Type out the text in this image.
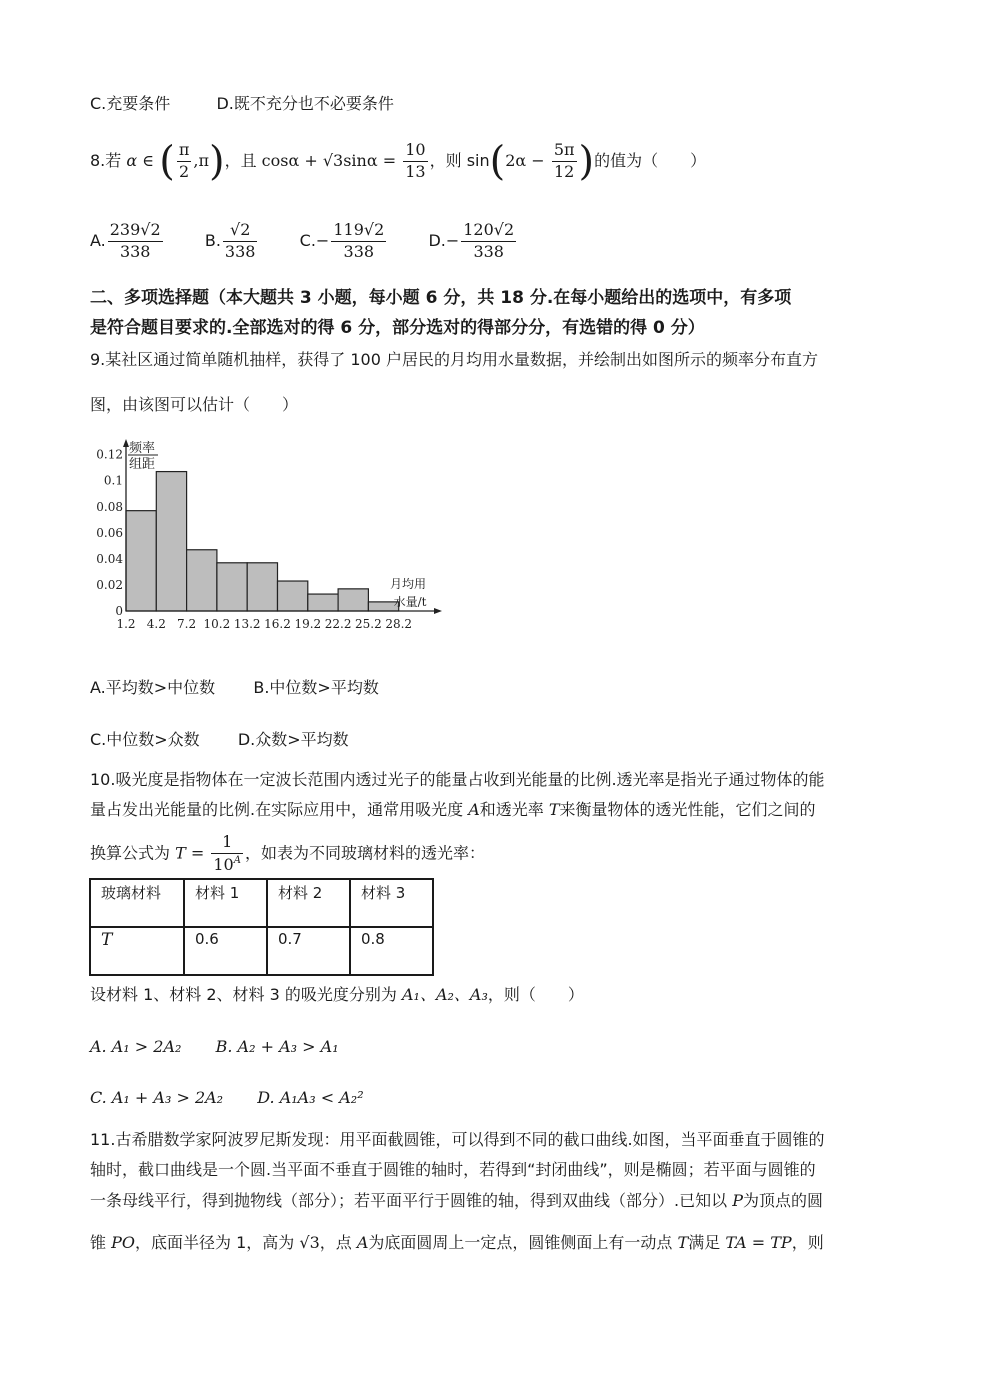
C.充要条件	D.既不充分也不必要条件
8.若 α ∈ ( $\frac{\pi}{2} ,\pi$)，且 $\cos\alpha + √3\sin\alpha = \frac{10}{13}$ ，则 $\sin(2\alpha - \frac{5\pi}{12}$ )的值为（　　）
A. $\frac{239√2}{338}$	B. $\frac{√2}{338}$	$C.- \frac{119√2}{338}$	$D.- \frac{120√2}{338}$
二、多项选择题（本大题共 3 小题，每小题 6 分，共 18 分.在每小题给出的选项中，有多项
是符合题目要求的.全部选对的得 6 分，部分选对的得部分分，有选错的得 0 分）
9.某社区通过简单随机抽样，获得了 100 户居民的月均用水量数据，并绘制出如图所示的频率分布直方
图，由该图可以估计（　　）
0
0.02
0.04
0.06
0.08
0.1
0.12
1.2 4.2 7.2 10.2 13.2 16.2 19.2 22.2 25.2 28.2
频率
组距
月均用
水量/t
A.平均数>中位数 B.中位数>平均数
C.中位数>众数 D.众数>平均数
10.吸光度是指物体在一定波长范围内透过光子的能量占收到光能量的比例.透光率是指光子通过物体的能
量占发出光能量的比例.在实际应用中，通常用吸光度 A和透光率 T来衡量物体的透光性能，它们之间的
换算公式为 $T = \frac{1}{10^A}$ ，如表为不同玻璃材料的透光率：
玻璃材料	材料 1	材料 2	材料 3
T	0.6	0.7	0.8
设材料 1、材料 2、材料 3 的吸光度分别为 A₁、A₂、A₃，则（　　）
A. A₁ > 2A₂ B. A₂ + A₃ > A₁
C. A₁ + A₃ > 2A₂ D. A₁A₃ < A₂²
11.古希腊数学家阿波罗尼斯发现：用平面截圆锥，可以得到不同的截口曲线.如图，当平面垂直于圆锥的
轴时，截口曲线是一个圆.当平面不垂直于圆锥的轴时，若得到“封闭曲线”，则是椭圆；若平面与圆锥的
一条母线平行，得到抛物线（部分）；若平面平行于圆锥的轴，得到双曲线（部分）.已知以 P为顶点的圆
锥 PO，底面半径为 1，高为 √3，点 A为底面圆周上一定点，圆锥侧面上有一动点 T满足 TA = TP，则
